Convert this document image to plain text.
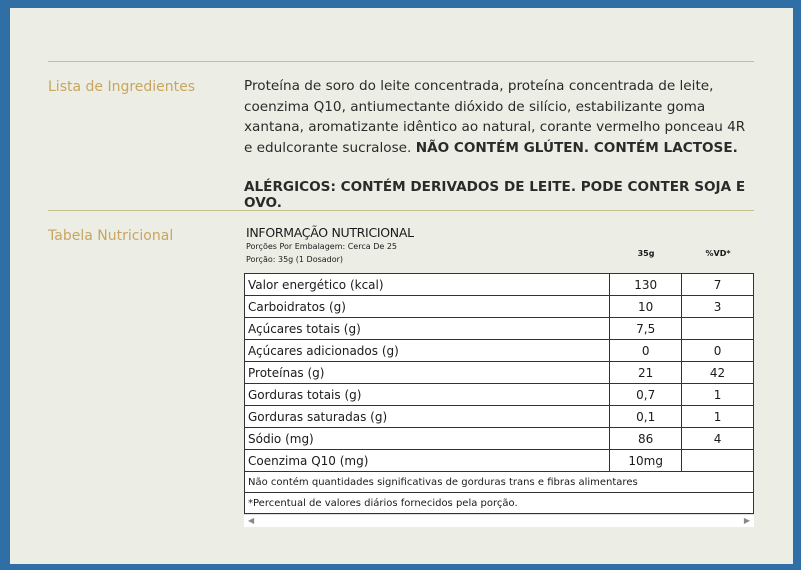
Lista de Ingredientes	Proteína de soro do leite concentrada, proteína concentrada de leite, coenzima Q10, antiumectante dióxido de silício, estabilizante goma xantana, aromatizante idêntico ao natural, corante vermelho ponceau 4R e edulcorante sucralose. NÃO CONTÉM GLÚTEN. CONTÉM LACTOSE.
ALÉRGICOS: CONTÉM DERIVADOS DE LEITE. PODE CONTER SOJA E OVO.
Tabela Nutricional	INFORMAÇÃO NUTRICIONAL
Porções Por Embalagem: Cerca De 25
Porção: 35g (1 Dosador)
35g	%VD*
Valor energético (kcal)	130	7
Carboidratos (g)	10	3
Açúcares totais (g)	7,5	
Açúcares adicionados (g)	0	0
Proteínas (g)	21	42
Gorduras totais (g)	0,7	1
Gorduras saturadas (g)	0,1	1
Sódio (mg)	86	4
Coenzima Q10 (mg)	10mg	
Não contém quantidades significativas de gorduras trans e fibras alimentares		
*Percentual de valores diários fornecidos pela porção.		
◀	▶
